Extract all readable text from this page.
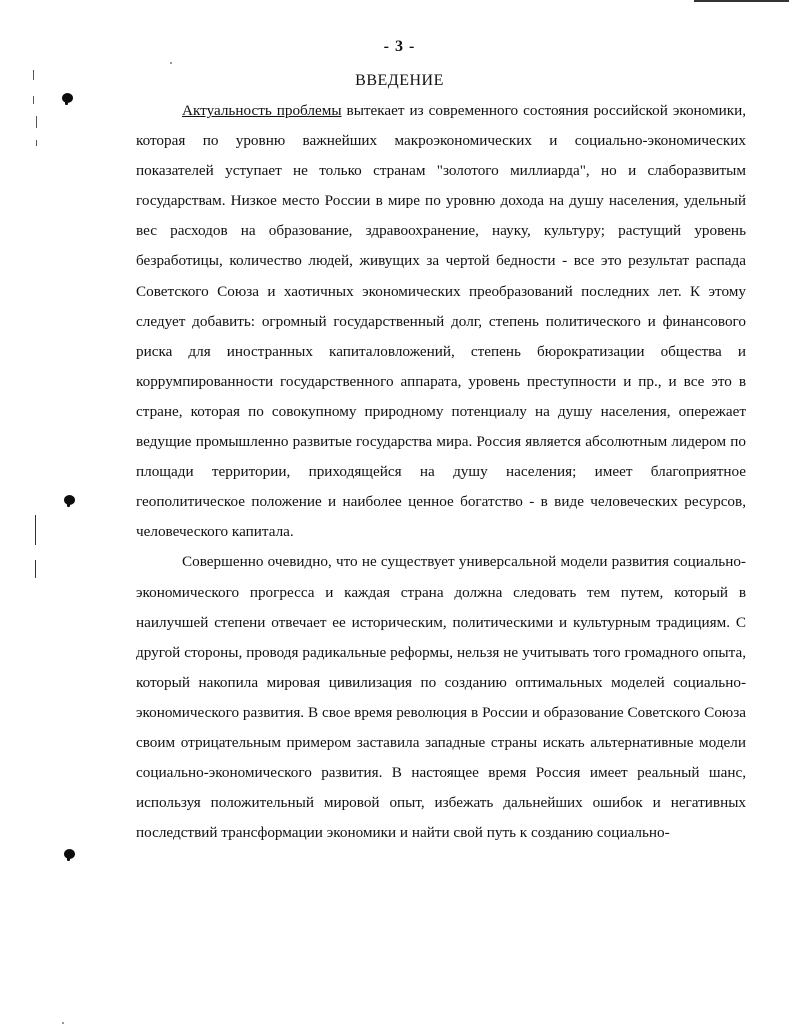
- 3 -
ВВЕДЕНИЕ

Актуальность проблемы вытекает из современного состояния российской экономики, которая по уровню важнейших макроэкономических и социально-экономических показателей уступает не только странам "золотого миллиарда", но и слаборазвитым государствам. Низкое место России в мире по уровню дохода на душу населения, удельный вес расходов на образование, здравоохранение, науку, культуру; растущий уровень безработицы, количество людей, живущих за чертой бедности - все это результат распада Советского Союза и хаотичных экономических преобразований последних лет. К этому следует добавить: огромный государственный долг, степень политического и финансового риска для иностранных капиталовложений, степень бюрократизации общества и коррумпированности государственного аппарата, уровень преступности и пр., и все это в стране, которая по совокупному природному потенциалу на душу населения, опережает ведущие промышленно развитые государства мира. Россия является абсолютным лидером по площади территории, приходящейся на душу населения; имеет благоприятное геополитическое положение и наиболее ценное богатство - в виде человеческих ресурсов, человеческого капитала.

Совершенно очевидно, что не существует универсальной модели развития социально-экономического прогресса и каждая страна должна следовать тем путем, который в наилучшей степени отвечает ее историческим, политическими и культурным традициям. С другой стороны, проводя радикальные реформы, нельзя не учитывать того громадного опыта, который накопила мировая цивилизация по созданию оптимальных моделей социально-экономического развития. В свое время революция в России и образование Советского Союза своим отрицательным примером заставила западные страны искать альтернативные модели социально-экономического развития. В настоящее время Россия имеет реальный шанс, используя положительный мировой опыт, избежать дальнейших ошибок и негативных последствий трансформации экономики и найти свой путь к созданию социально-
